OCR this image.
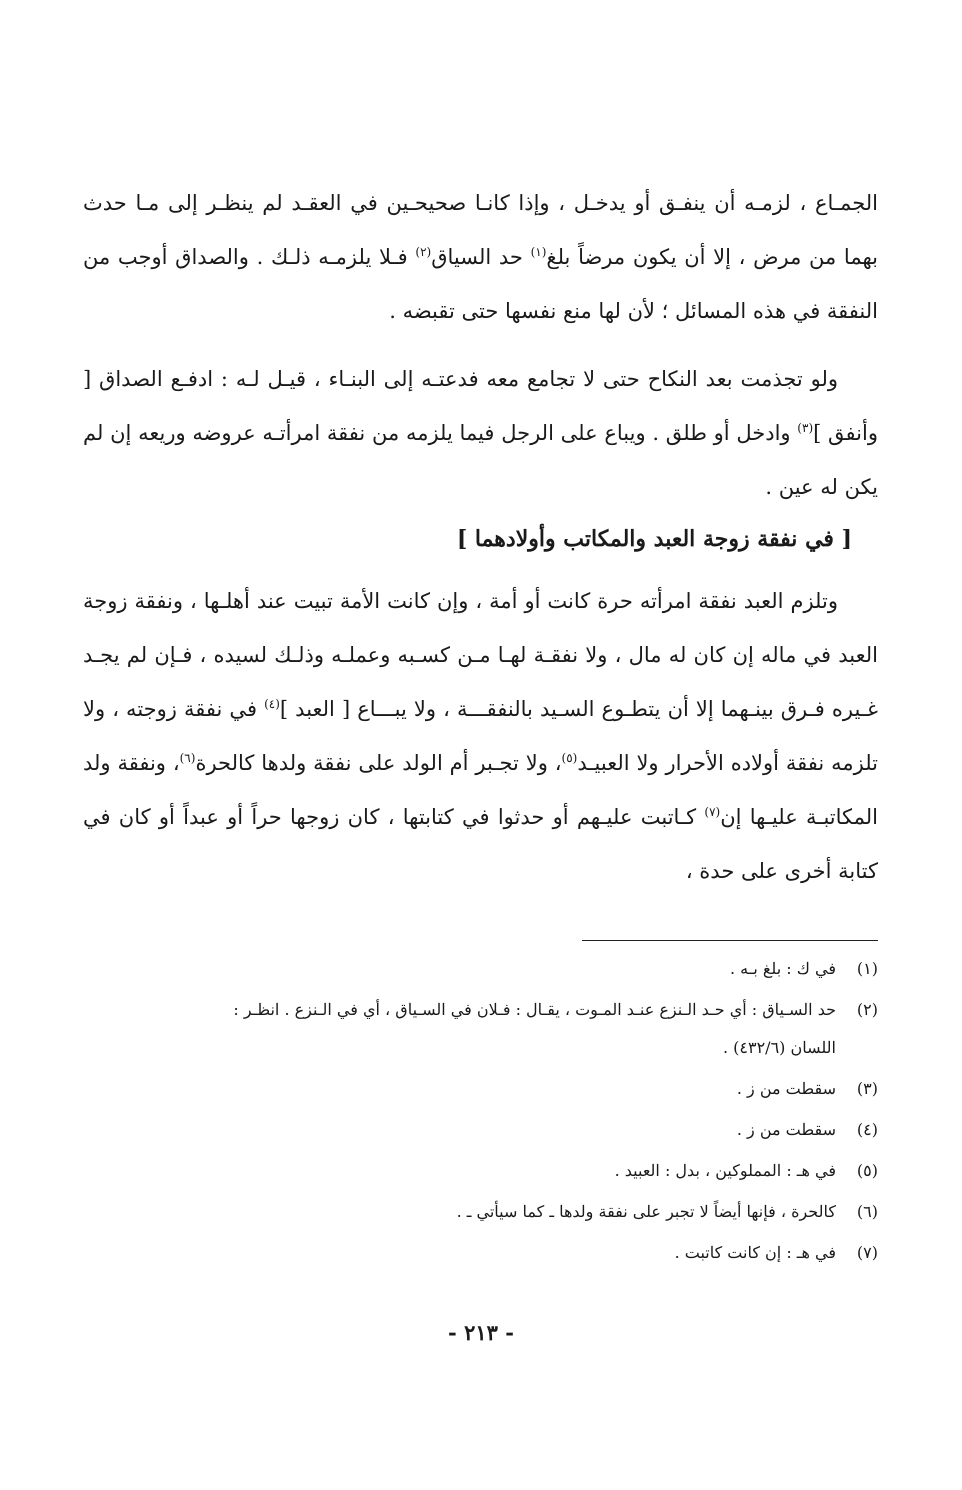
الجمـاع ، لزمـه أن ينفـق أو يدخـل ، وإذا كانـا صحيحـين في العقـد لم ينظـر إلى مـا حدث بهما من مرض ، إلا أن يكون مرضاً بلغ$^{(١)}$ حد السياق$^{(٢)}$ فـلا يلزمـه ذلـك . والصداق أوجب من النفقة في هذه المسائل ؛ لأن لها منع نفسها حتى تقبضه .

ولو تجذمت بعد النكاح حتى لا تجامع معه فدعتـه إلى البنـاء ، قيـل لـه : ادفـع الصداق [ وأنفق ]$^{(٣)}$ وادخل أو طلق . ويباع على الرجل فيما يلزمه من نفقة امرأتـه عروضه وريعه إن لم يكن له عين .

[ في نفقة زوجة العبد والمكاتب وأولادهما ]

وتلزم العبد نفقة امرأته حرة كانت أو أمة ، وإن كانت الأمة تبيت عند أهلـها ، ونفقة زوجة العبد في ماله إن كان له مال ، ولا نفقـة لهـا مـن كسـبه وعملـه وذلـك لسيده ، فـإن لم يجـد غـيره فـرق بينـهما إلا أن يتطـوع السـيد بالنفقـــة ، ولا يبـــاع [ العبد ]$^{(٤)}$ في نفقة زوجته ، ولا تلزمه نفقة أولاده الأحرار ولا العبيـد$^{(٥)}$، ولا تجـبر أم الولد على نفقة ولدها كالحرة$^{(٦)}$، ونفقة ولد المكاتبـة عليـها إن$^{(٧)}$ كـاتبت عليـهم أو حدثوا في كتابتها ، كان زوجها حراً أو عبداً أو كان في كتابة أخرى على حدة ،

(١)
في ك : بلغ بـه .
(٢)
حد السـياق : أي حـد الـنزع عنـد المـوت ، يقـال : فـلان في السـياق ، أي في الـنزع . انظـر :
اللسان (٤٣٢/٦) .
(٣)
سقطت من ز .
(٤)
سقطت من ز .
(٥)
في هـ : المملوكين ، بدل : العبيد .
(٦)
كالحرة ، فإنها أيضاً لا تجبر على نفقة ولدها ـ كما سيأتي ـ .
(٧)
في هـ : إن كانت كاتبت .
- ٢١٣ -
